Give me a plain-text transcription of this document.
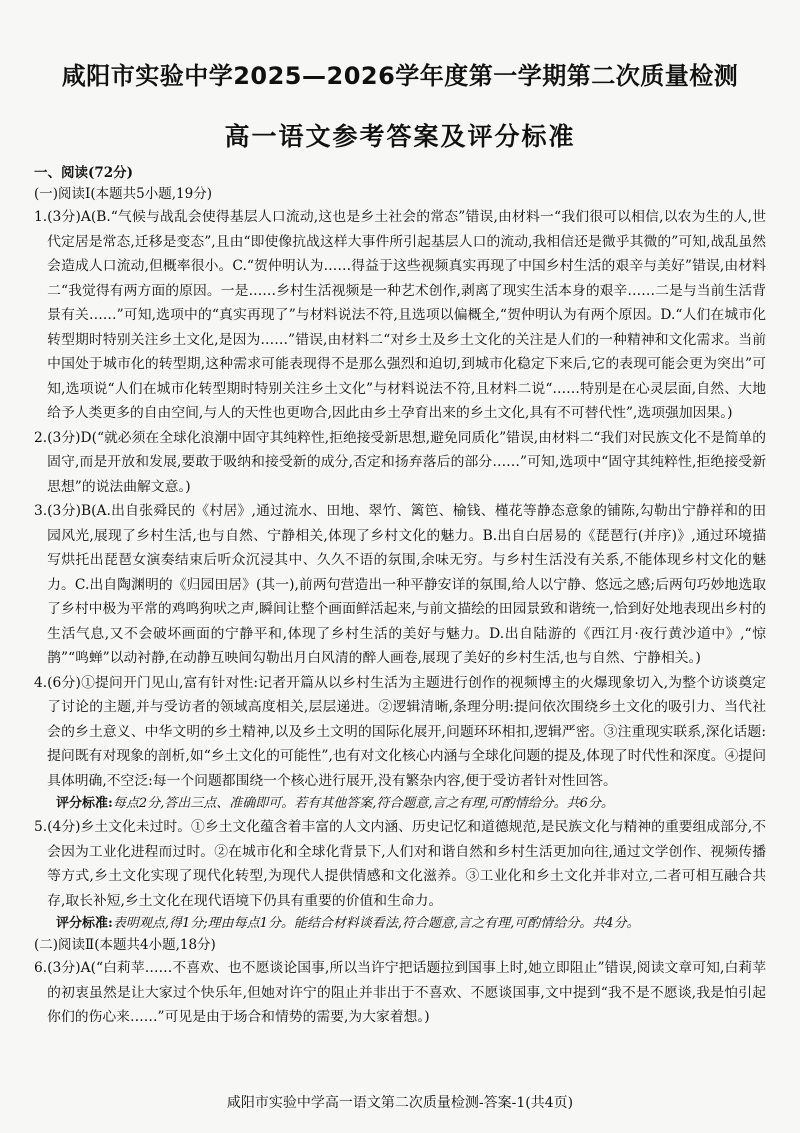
咸阳市实验中学2025—2026学年度第一学期第二次质量检测
高一语文参考答案及评分标准
一、阅读(72分)
(一)阅读Ⅰ(本题共5小题,19分)
1. (3分)A(B.“气候与战乱会使得基层人口流动,这也是乡土社会的常态”错误,由材料一“我们很可以相信,以农为生的人,世代定居是常态,迁移是变态”,且由“即使像抗战这样大事件所引起基层人口的流动,我相信还是微乎其微的”可知,战乱虽然会造成人口流动,但概率很小。C.“贺仲明认为……得益于这些视频真实再现了中国乡村生活的艰辛与美好”错误,由材料二“我觉得有两方面的原因。一是……乡村生活视频是一种艺术创作,剥离了现实生活本身的艰辛……二是与当前生活背景有关……”可知,选项中的“真实再现了”与材料说法不符,且选项以偏概全,“贺仲明认为有两个原因。D.“人们在城市化转型期时特别关注乡土文化,是因为……”错误,由材料二“对乡土及乡土文化的关注是人们的一种精神和文化需求。当前中国处于城市化的转型期,这种需求可能表现得不是那么强烈和迫切,到城市化稳定下来后,它的表现可能会更为突出”可知,选项说“人们在城市化转型期时特别关注乡土文化”与材料说法不符,且材料二说“……特别是在心灵层面,自然、大地给予人类更多的自由空间,与人的天性也更吻合,因此由乡土孕育出来的乡土文化,具有不可替代性”,选项强加因果。)
2. (3分)D(“就必须在全球化浪潮中固守其纯粹性,拒绝接受新思想,避免同质化”错误,由材料二“我们对民族文化不是简单的固守,而是开放和发展,要敢于吸纳和接受新的成分,否定和扬弃落后的部分……”可知,选项中“固守其纯粹性,拒绝接受新思想”的说法曲解文意。)
3. (3分)B(A.出自张舜民的《村居》,通过流水、田地、翠竹、篱笆、榆钱、槿花等静态意象的铺陈,勾勒出宁静祥和的田园风光,展现了乡村生活,也与自然、宁静相关,体现了乡村文化的魅力。B.出自白居易的《琵琶行(并序)》,通过环境描写烘托出琵琶女演奏结束后听众沉浸其中、久久不语的氛围,余味无穷。与乡村生活没有关系,不能体现乡村文化的魅力。C.出自陶渊明的《归园田居》(其一),前两句营造出一种平静安详的氛围,给人以宁静、悠远之感;后两句巧妙地选取了乡村中极为平常的鸡鸣狗吠之声,瞬间让整个画面鲜活起来,与前文描绘的田园景致和谐统一,恰到好处地表现出乡村的生活气息,又不会破坏画面的宁静平和,体现了乡村生活的美好与魅力。D.出自陆游的《西江月·夜行黄沙道中》,“惊鹊”“鸣蝉”以动衬静,在动静互映间勾勒出月白风清的醉人画卷,展现了美好的乡村生活,也与自然、宁静相关。)
4. (6分)①提问开门见山,富有针对性:记者开篇从以乡村生活为主题进行创作的视频博主的火爆现象切入,为整个访谈奠定了讨论的主题,并与受访者的领域高度相关,层层递进。②逻辑清晰,条理分明:提问依次围绕乡土文化的吸引力、当代社会的乡土意义、中华文明的乡土精神,以及乡土文明的国际化展开,问题环环相扣,逻辑严密。③注重现实联系,深化话题:提问既有对现象的剖析,如“乡土文化的可能性”,也有对文化核心内涵与全球化问题的提及,体现了时代性和深度。④提问具体明确,不空泛:每一个问题都围绕一个核心进行展开,没有繁杂内容,便于受访者针对性回答。
评分标准:每点2分,答出三点、准确即可。若有其他答案,符合题意,言之有理,可酌情给分。共6分。
5. (4分)乡土文化未过时。①乡土文化蕴含着丰富的人文内涵、历史记忆和道德规范,是民族文化与精神的重要组成部分,不会因为工业化进程而过时。②在城市化和全球化背景下,人们对和谐自然和乡村生活更加向往,通过文学创作、视频传播等方式,乡土文化实现了现代化转型,为现代人提供情感和文化滋养。③工业化和乡土文化并非对立,二者可相互融合共存,取长补短,乡土文化在现代语境下仍具有重要的价值和生命力。
评分标准:表明观点,得1分;理由每点1分。能结合材料谈看法,符合题意,言之有理,可酌情给分。共4分。
(二)阅读Ⅱ(本题共4小题,18分)
6. (3分)A(“白莉苹……不喜欢、也不愿谈论国事,所以当许宁把话题拉到国事上时,她立即阻止”错误,阅读文章可知,白莉苹的初衷虽然是让大家过个快乐年,但她对许宁的阻止并非出于不喜欢、不愿谈国事,文中提到“我不是不愿谈,我是怕引起你们的伤心来……”可见是由于场合和情势的需要,为大家着想。)
咸阳市实验中学高一语文第二次质量检测-答案-1(共4页)
